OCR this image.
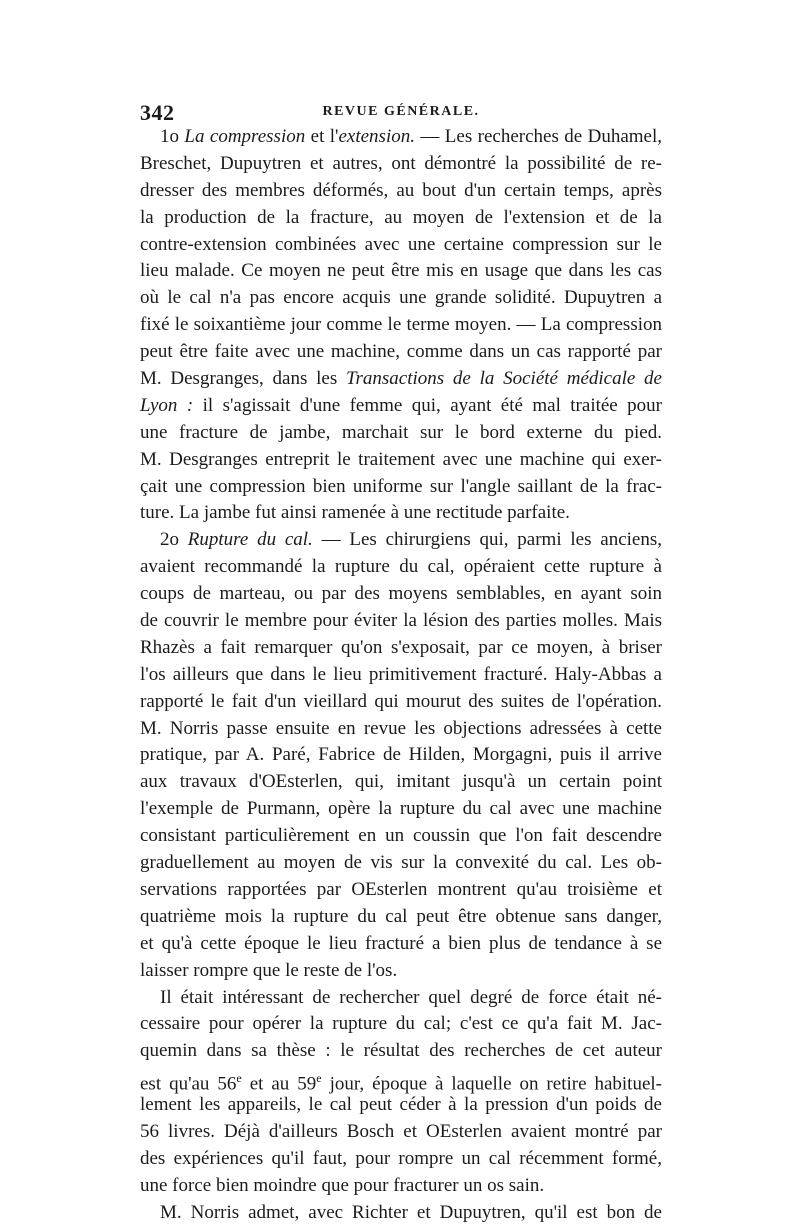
342	REVUE GÉNÉRALE.
1o La compression et l'extension. — Les recherches de Duhamel,
Breschet, Dupuytren et autres, ont démontré la possibilité de re-
dresser des membres déformés, au bout d'un certain temps, après
la production de la fracture, au moyen de l'extension et de la
contre-extension combinées avec une certaine compression sur le
lieu malade. Ce moyen ne peut être mis en usage que dans les cas
où le cal n'a pas encore acquis une grande solidité. Dupuytren a
fixé le soixantième jour comme le terme moyen. — La compression
peut être faite avec une machine, comme dans un cas rapporté par
M. Desgranges, dans les Transactions de la Société médicale de
Lyon : il s'agissait d'une femme qui, ayant été mal traitée pour
une fracture de jambe, marchait sur le bord externe du pied.
M. Desgranges entreprit le traitement avec une machine qui exer-
çait une compression bien uniforme sur l'angle saillant de la frac-
ture. La jambe fut ainsi ramenée à une rectitude parfaite.
2o Rupture du cal. — Les chirurgiens qui, parmi les anciens,
avaient recommandé la rupture du cal, opéraient cette rupture à
coups de marteau, ou par des moyens semblables, en ayant soin
de couvrir le membre pour éviter la lésion des parties molles. Mais
Rhazès a fait remarquer qu'on s'exposait, par ce moyen, à briser
l'os ailleurs que dans le lieu primitivement fracturé. Haly-Abbas a
rapporté le fait d'un vieillard qui mourut des suites de l'opération.
M. Norris passe ensuite en revue les objections adressées à cette
pratique, par A. Paré, Fabrice de Hilden, Morgagni, puis il arrive
aux travaux d'OEsterlen, qui, imitant jusqu'à un certain point
l'exemple de Purmann, opère la rupture du cal avec une machine
consistant particulièrement en un coussin que l'on fait descendre
graduellement au moyen de vis sur la convexité du cal. Les ob-
servations rapportées par OEsterlen montrent qu'au troisième et
quatrième mois la rupture du cal peut être obtenue sans danger,
et qu'à cette époque le lieu fracturé a bien plus de tendance à se
laisser rompre que le reste de l'os.
Il était intéressant de rechercher quel degré de force était né-
cessaire pour opérer la rupture du cal; c'est ce qu'a fait M. Jac-
quemin dans sa thèse : le résultat des recherches de cet auteur
est qu'au 56e et au 59e jour, époque à laquelle on retire habituel-
lement les appareils, le cal peut céder à la pression d'un poids de
56 livres. Déjà d'ailleurs Bosch et OEsterlen avaient montré par
des expériences qu'il faut, pour rompre un cal récemment formé,
une force bien moindre que pour fracturer un os sain.
M. Norris admet, avec Richter et Dupuytren, qu'il est bon de
